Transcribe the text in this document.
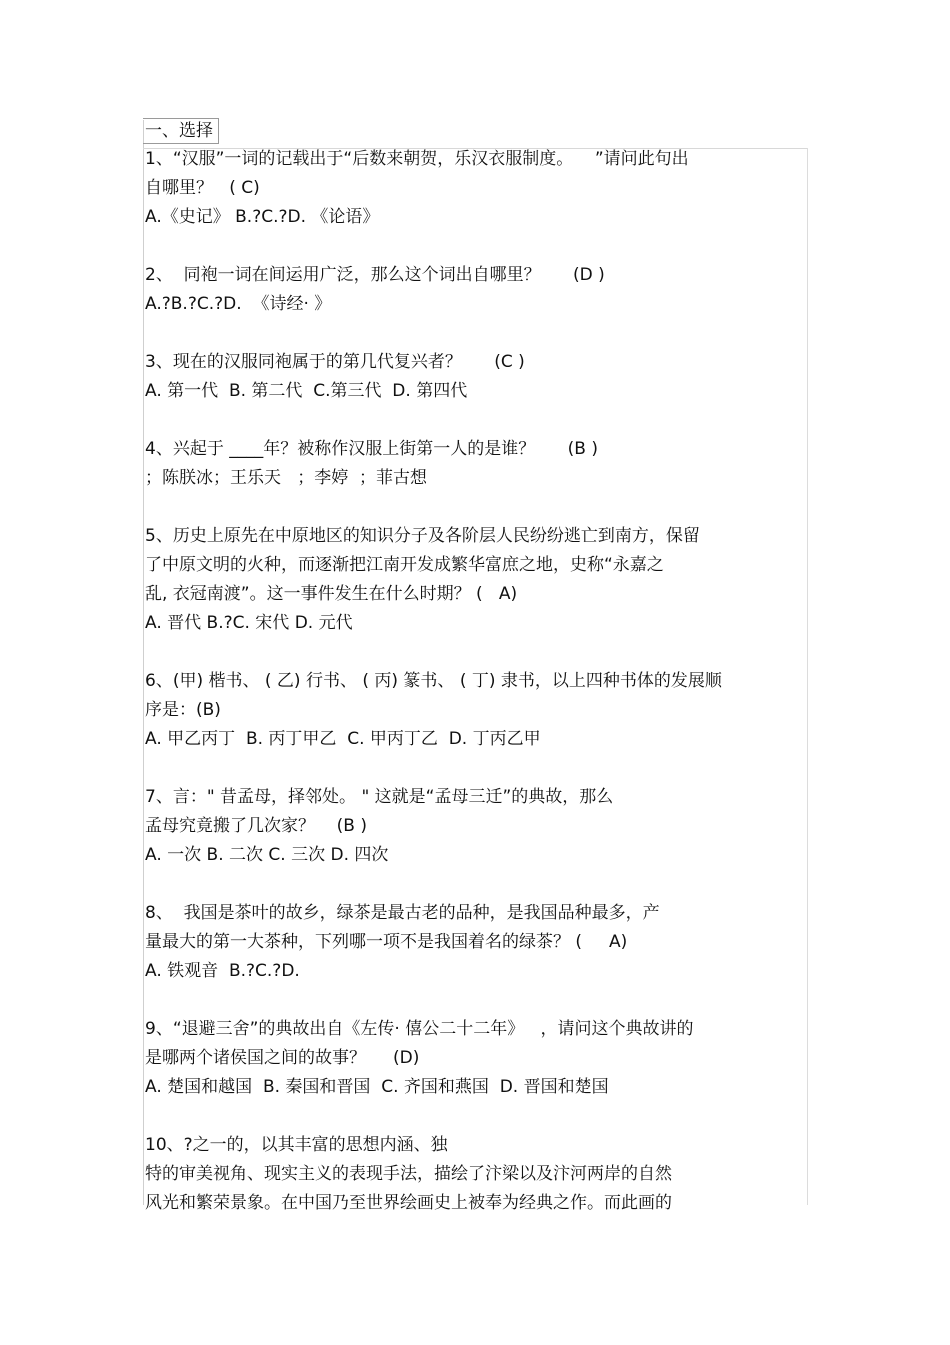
一、选择
1、“汉服”一词的记载出于“后数来朝贺，乐汉衣服制度。    ”请问此句出
自哪里？   ( C)
A.《史记》 B.?C.?D. 《论语》
2、  同袍一词在间运用广泛，那么这个词出自哪里？      (D )
A.?B.?C.?D.  《诗经· 》
3、现在的汉服同袍属于的第几代复兴者？      (C )
A. 第一代  B. 第二代  C.第三代  D. 第四代
4、兴起于 ____年？被称作汉服上街第一人的是谁？      (B )
；陈朕冰；王乐天   ；李婷  ；菲古想
5、历史上原先在中原地区的知识分子及各阶层人民纷纷逃亡到南方，保留
了中原文明的火种，而逐渐把江南开发成繁华富庶之地，史称“永嘉之
乱, 衣冠南渡”。这一事件发生在什么时期？ (   A)
A. 晋代 B.?C. 宋代 D. 元代
6、(甲) 楷书、 ( 乙) 行书、 ( 丙) 篆书、 ( 丁) 隶书，以上四种书体的发展顺
序是：(B)
A. 甲乙丙丁  B. 丙丁甲乙  C. 甲丙丁乙  D. 丁丙乙甲
7、言：" 昔孟母，择邻处。 " 这就是“孟母三迁”的典故，那么
孟母究竟搬了几次家？    (B )
A. 一次 B. 二次 C. 三次 D. 四次
8、  我国是茶叶的故乡，绿茶是最古老的品种，是我国品种最多，产
量最大的第一大茶种，下列哪一项不是我国着名的绿茶？ (     A)
A. 铁观音  B.?C.?D.
9、“退避三舍”的典故出自《左传· 僖公二十二年》   ，请问这个典故讲的
是哪两个诸侯国之间的故事？     (D)
A. 楚国和越国  B. 秦国和晋国  C. 齐国和燕国  D. 晋国和楚国
10、?之一的，以其丰富的思想内涵、独
特的审美视角、现实主义的表现手法，描绘了汴梁以及汴河两岸的自然
风光和繁荣景象。在中国乃至世界绘画史上被奉为经典之作。而此画的
